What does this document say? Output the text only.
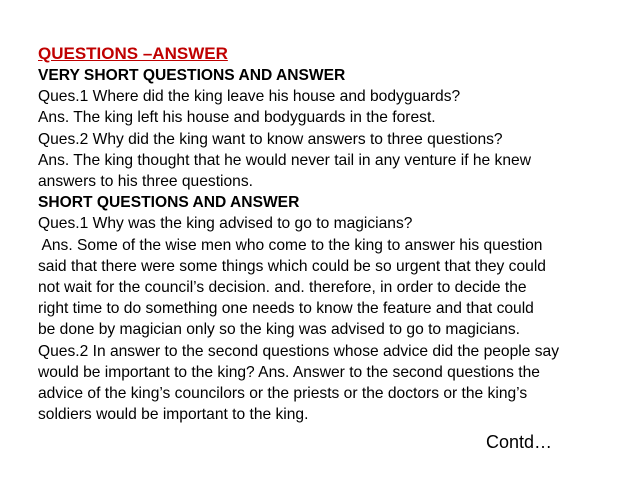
QUESTIONS –ANSWER
VERY SHORT QUESTIONS AND ANSWER
Ques.1 Where did the king leave his house and bodyguards?
Ans. The king left his house and bodyguards in the forest.
Ques.2 Why did the king want to know answers to three questions?
Ans. The king thought that he would never tail in any venture if he knew
answers to his three questions.
SHORT QUESTIONS AND ANSWER
Ques.1 Why was the king advised to go to magicians?
Ans. Some of the wise men who come to the king to answer his question
said that there were some things which could be so urgent that they could
not wait for the council’s decision. and. therefore, in order to decide the
right time to do something one needs to know the feature and that could
be done by magician only so the king was advised to go to magicians.
Ques.2 In answer to the second questions whose advice did the people say
would be important to the king? Ans. Answer to the second questions the
advice of the king’s councilors or the priests or the doctors or the king’s
soldiers would be important to the king.
Contd…
